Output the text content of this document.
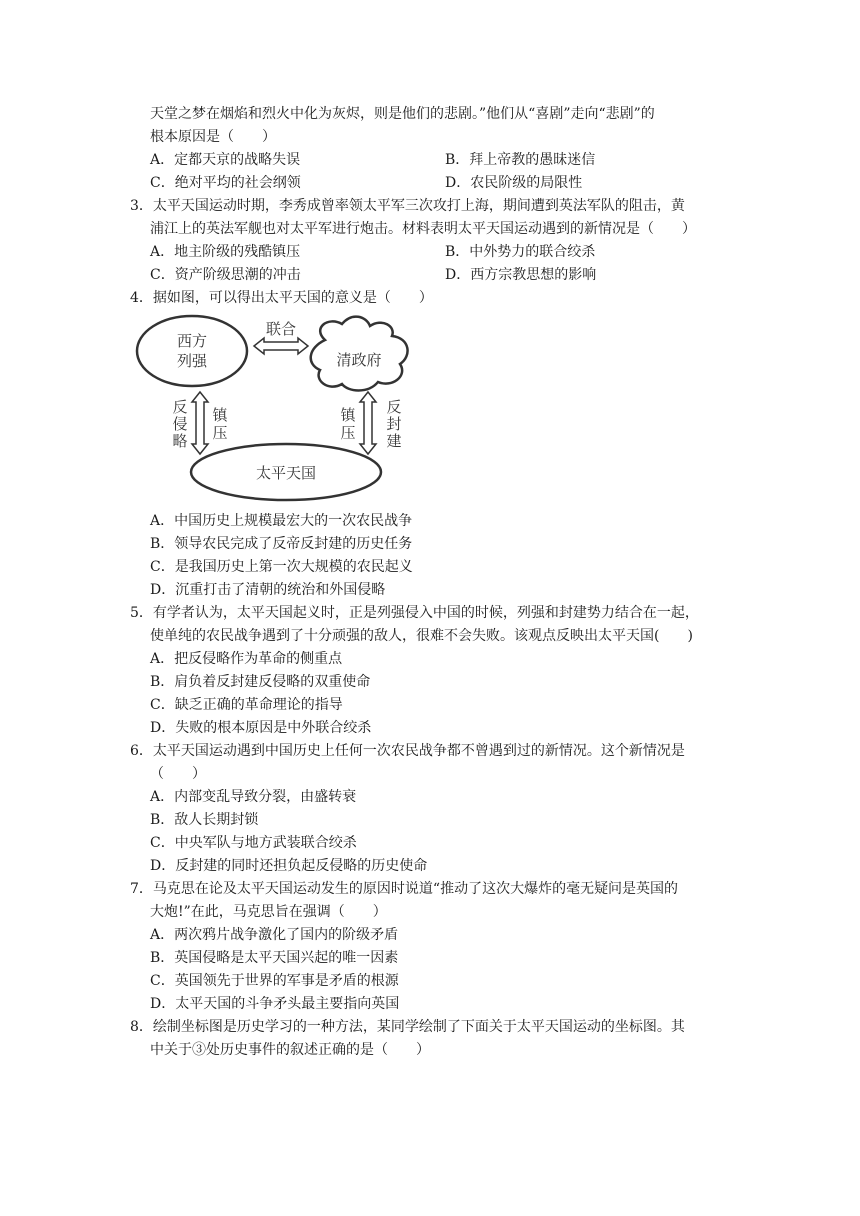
天堂之梦在烟焰和烈火中化为灰烬，则是他们的悲剧。”他们从“喜剧”走向“悲剧”的
根本原因是（　　）
A．定都天京的战略失误	B．拜上帝教的愚昧迷信
C．绝对平均的社会纲领	D．农民阶级的局限性
3．太平天国运动时期，李秀成曾率领太平军三次攻打上海，期间遭到英法军队的阻击，黄
浦江上的英法军舰也对太平军进行炮击。材料表明太平天国运动遇到的新情况是（　　）
A．地主阶级的残酷镇压	B．中外势力的联合绞杀
C．资产阶级思潮的冲击	D．西方宗教思想的影响
4．据如图，可以得出太平天国的意义是（　　）
西方
列强	清政府
联合
反
侵
略
镇
压
镇
压
反
封
建
太平天国
A．中国历史上规模最宏大的一次农民战争
B．领导农民完成了反帝反封建的历史任务
C．是我国历史上第一次大规模的农民起义
D．沉重打击了清朝的统治和外国侵略
5．有学者认为，太平天国起义时，正是列强侵入中国的时候，列强和封建势力结合在一起，
使单纯的农民战争遇到了十分顽强的敌人，很难不会失败。该观点反映出太平天国(　　)
A．把反侵略作为革命的侧重点
B．肩负着反封建反侵略的双重使命
C．缺乏正确的革命理论的指导
D．失败的根本原因是中外联合绞杀
6．太平天国运动遇到中国历史上任何一次农民战争都不曾遇到过的新情况。这个新情况是
（　　）
A．内部变乱导致分裂，由盛转衰
B．敌人长期封锁
C．中央军队与地方武装联合绞杀
D．反封建的同时还担负起反侵略的历史使命
7．马克思在论及太平天国运动发生的原因时说道“推动了这次大爆炸的毫无疑问是英国的
大炮!”在此，马克思旨在强调（　　）
A．两次鸦片战争激化了国内的阶级矛盾
B．英国侵略是太平天国兴起的唯一因素
C．英国领先于世界的军事是矛盾的根源
D．太平天国的斗争矛头最主要指向英国
8．绘制坐标图是历史学习的一种方法，某同学绘制了下面关于太平天国运动的坐标图。其
中关于③处历史事件的叙述正确的是（　　）
